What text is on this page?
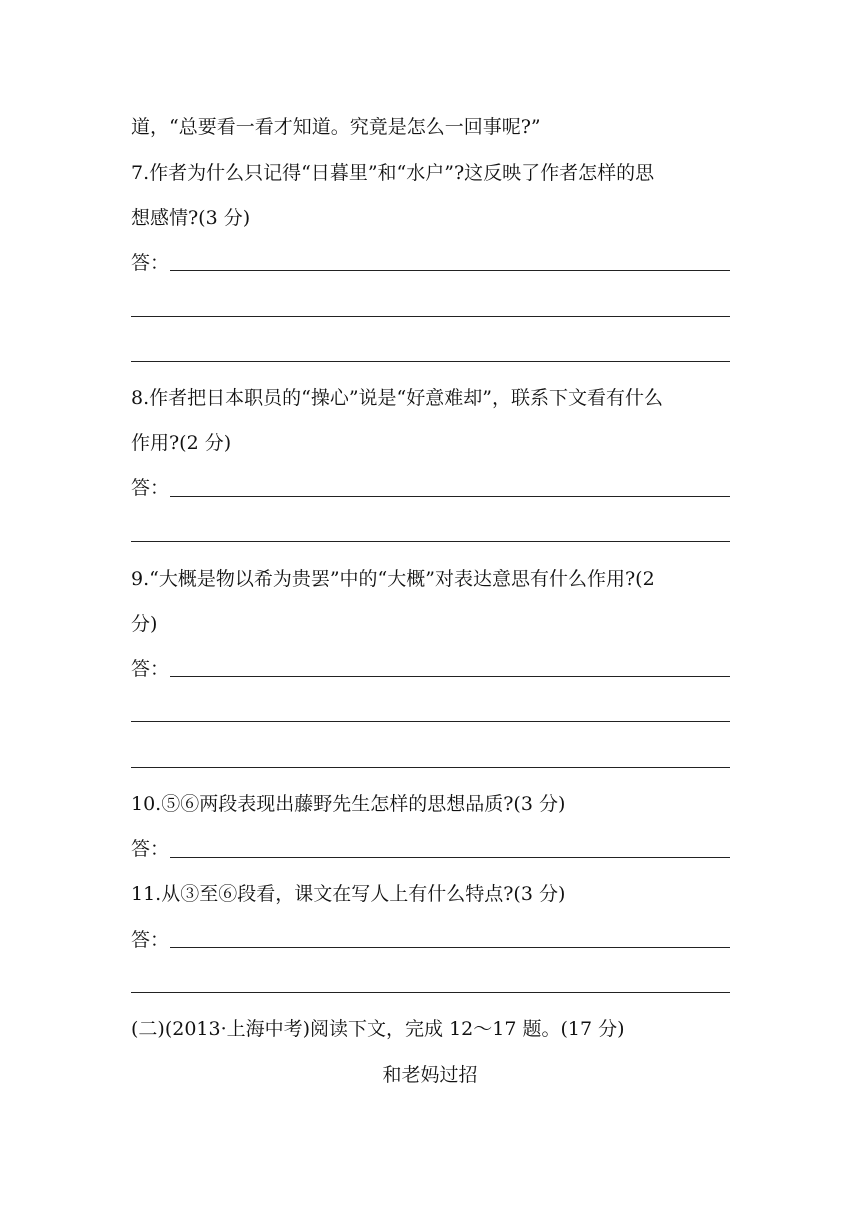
道，“总要看一看才知道。究竟是怎么一回事呢?”
7.作者为什么只记得“日暮里”和“水户”?这反映了作者怎样的思
想感情?(3 分)
答：
8.作者把日本职员的“操心”说是“好意难却”，联系下文看有什么
作用?(2 分)
答：
9.“大概是物以希为贵罢”中的“大概”对表达意思有什么作用?(2
分)
答：
10.⑤⑥两段表现出藤野先生怎样的思想品质?(3 分)
答：
11.从③至⑥段看，课文在写人上有什么特点?(3 分)
答：
(二)(2013·上海中考)阅读下文，完成 12～17 题。(17 分)
和老妈过招
